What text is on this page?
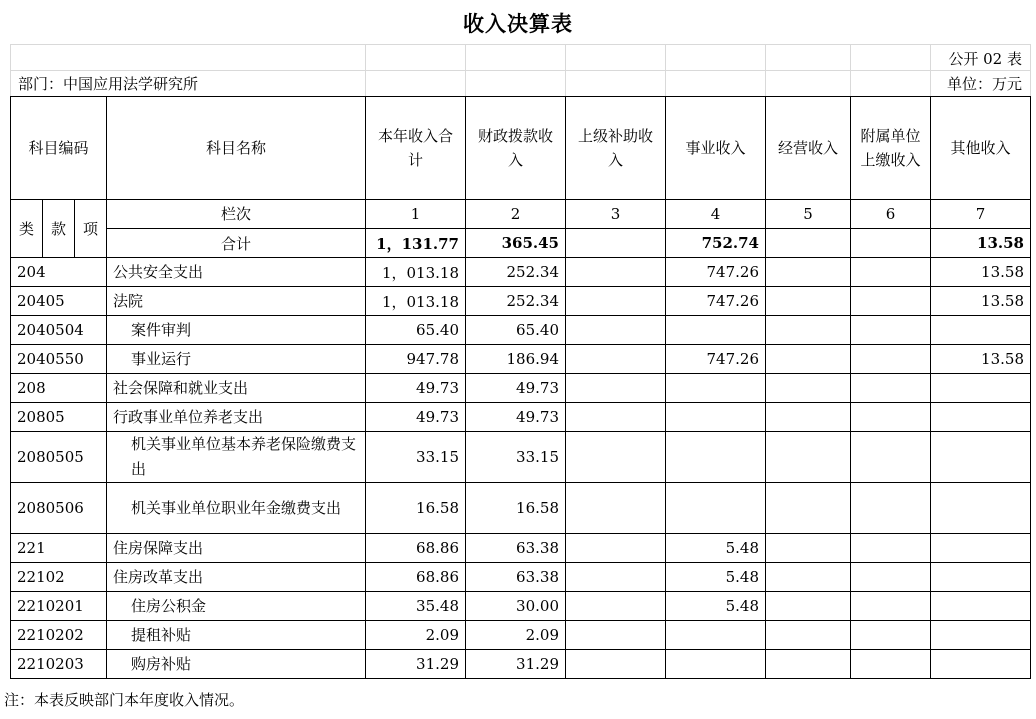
收入决算表
公开 02 表
部门：中国应用法学研究所	单位：万元
科目编码			科目名称	本年收入合计	财政拨款收入	上级补助收入	事业收入	经营收入	附属单位上缴收入	其他收入
类	款	项	栏次	1	2	3	4	5	6	7
			合计	1，131.77	365.45		752.74			13.58
204			公共安全支出	1，013.18	252.34		747.26			13.58
20405			法院	1，013.18	252.34		747.26			13.58
2040504			案件审判	65.40	65.40					
2040550			事业运行	947.78	186.94		747.26			13.58
208			社会保障和就业支出	49.73	49.73					
20805			行政事业单位养老支出	49.73	49.73					
2080505			机关事业单位基本养老保险缴费支出	33.15	33.15					
2080506			机关事业单位职业年金缴费支出	16.58	16.58					
221			住房保障支出	68.86	63.38		5.48			
22102			住房改革支出	68.86	63.38		5.48			
2210201			住房公积金	35.48	30.00		5.48			
2210202			提租补贴	2.09	2.09					
2210203			购房补贴	31.29	31.29					
注：本表反映部门本年度收入情况。
